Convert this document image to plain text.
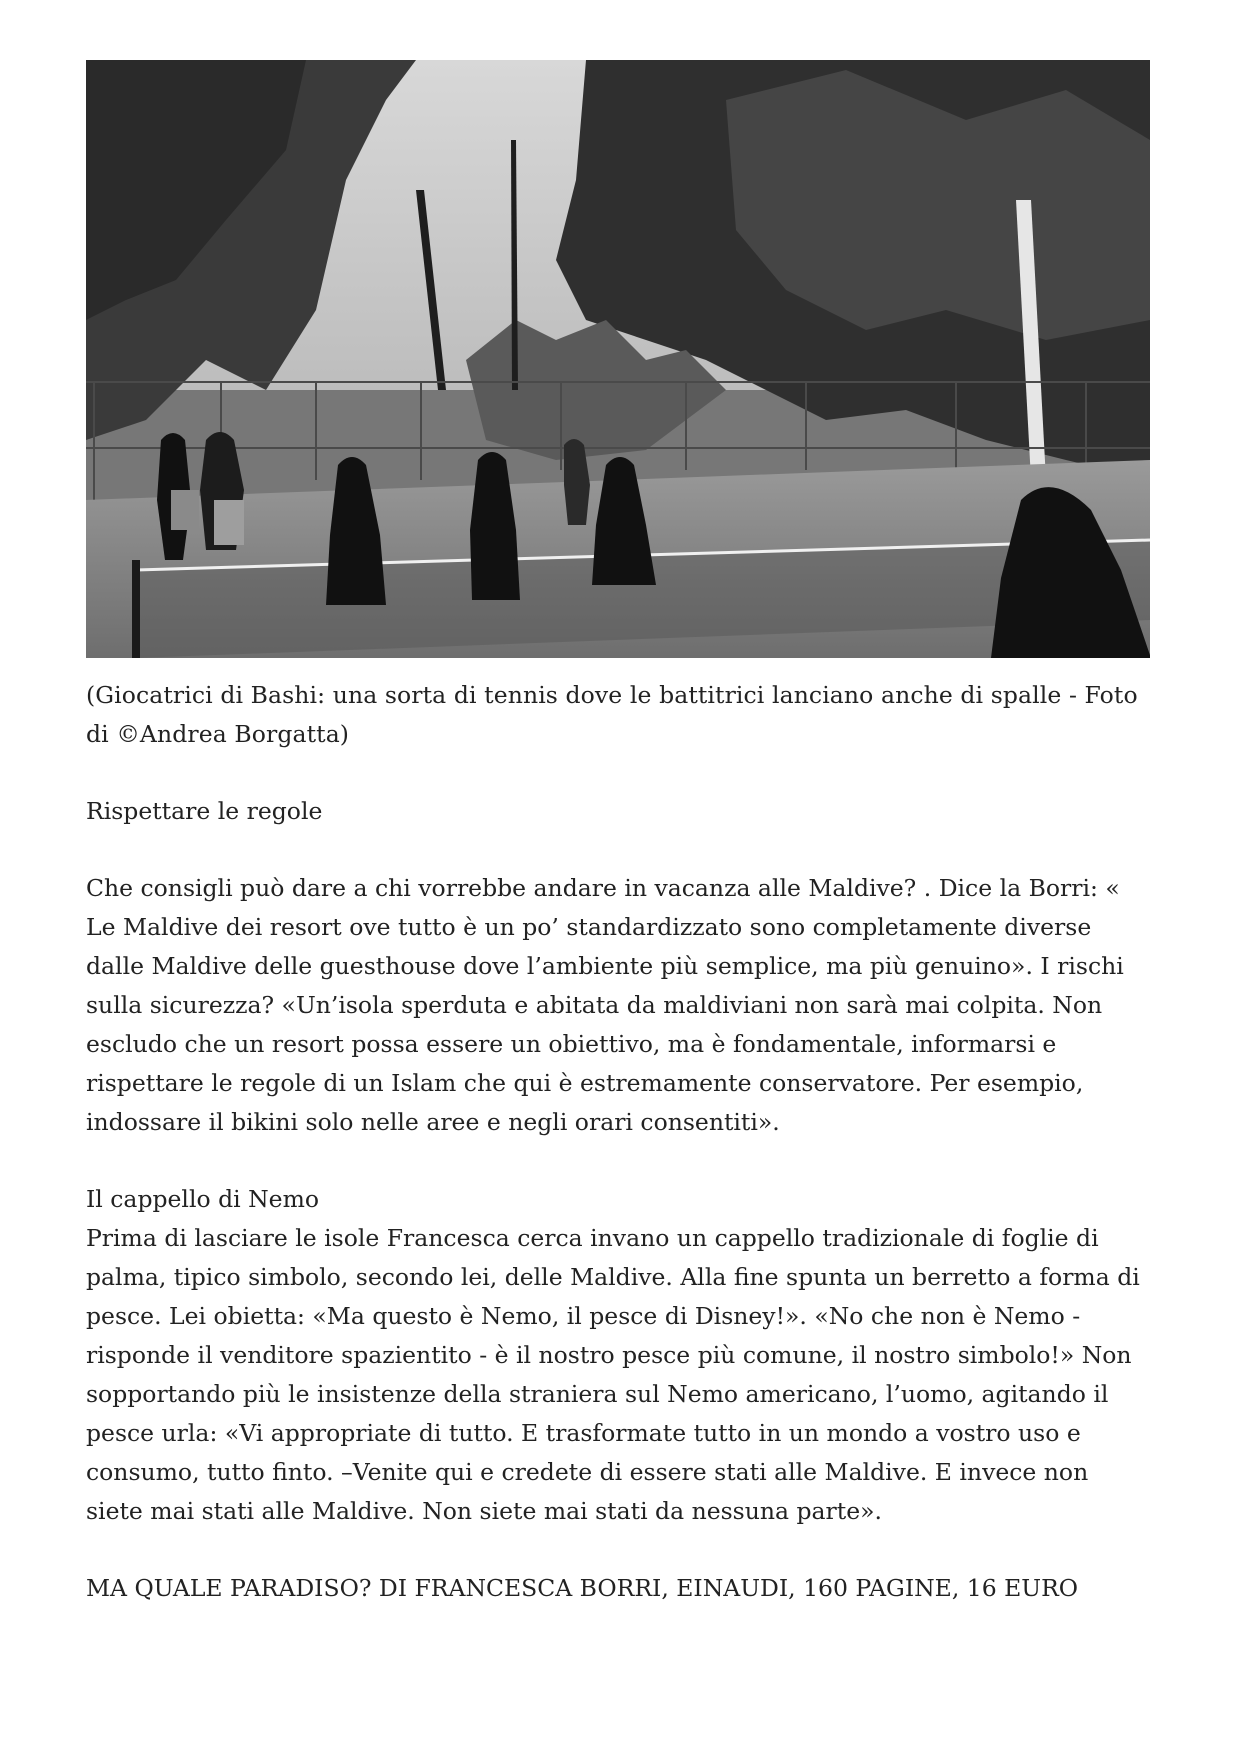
(Giocatrici di Bashi: una sorta di tennis dove le battitrici lanciano anche di spalle - Foto di ©Andrea Borgatta)

Rispettare le regole

Che consigli può dare a chi vorrebbe andare in vacanza alle Maldive? . Dice la Borri: « Le Maldive dei resort ove tutto è un po’ standardizzato sono completamente diverse dalle Maldive delle guesthouse dove l’ambiente più semplice, ma più genuino». I rischi sulla sicurezza? «Un’isola sperduta e abitata da maldiviani non sarà mai colpita. Non escludo che un resort possa essere un obiettivo, ma è fondamentale, informarsi e rispettare le regole di un Islam che qui è estremamente conservatore. Per esempio, indossare il bikini solo nelle aree e negli orari consentiti».

Il cappello di Nemo

Prima di lasciare le isole Francesca cerca invano un cappello tradizionale di foglie di palma, tipico simbolo, secondo lei, delle Maldive. Alla fine spunta un berretto a forma di pesce. Lei obietta: «Ma questo è Nemo, il pesce di Disney!». «No che non è Nemo - risponde il venditore spazientito - è il nostro pesce più comune, il nostro simbolo!» Non sopportando più le insistenze della straniera sul Nemo americano, l’uomo, agitando il pesce urla: «Vi appropriate di tutto. E trasformate tutto in un mondo a vostro uso e consumo, tutto finto. –Venite qui e credete di essere stati alle Maldive. E invece non siete mai stati alle Maldive. Non siete mai stati da nessuna parte».

MA QUALE PARADISO? DI FRANCESCA BORRI, EINAUDI, 160 PAGINE, 16 EURO
